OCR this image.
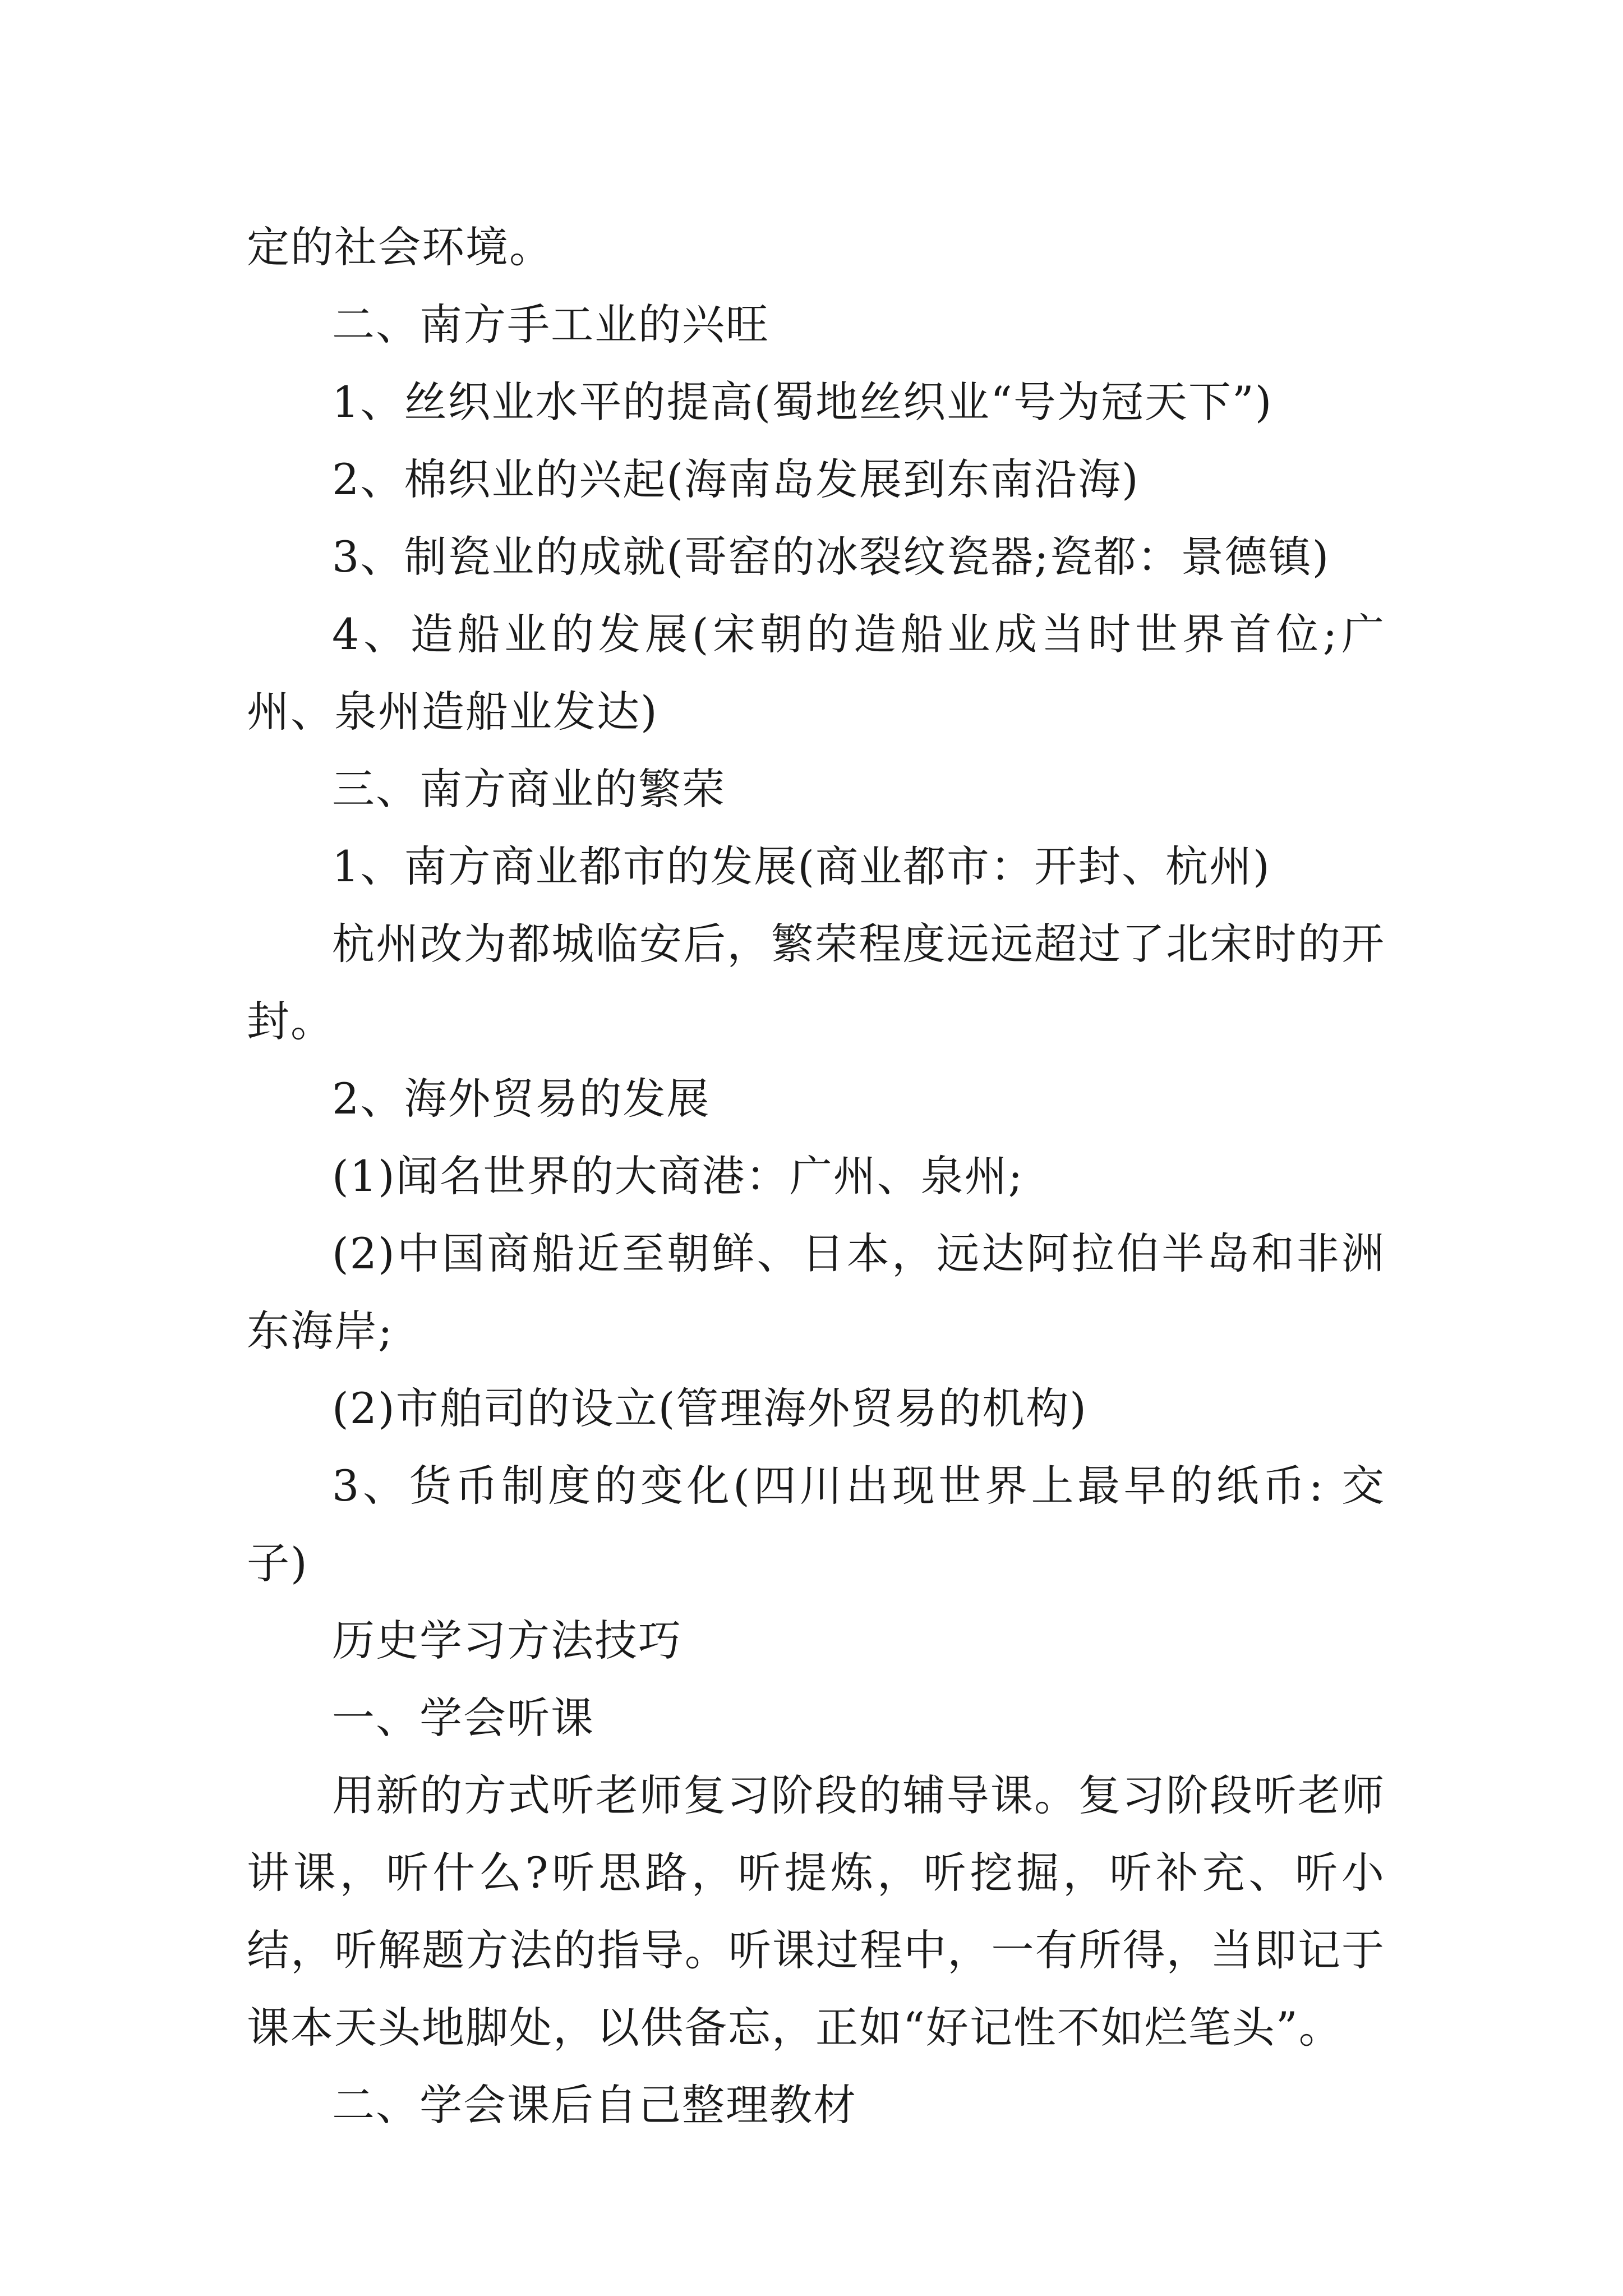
定的社会环境。

二、南方手工业的兴旺

1、丝织业水平的提高(蜀地丝织业“号为冠天下”)

2、棉织业的兴起(海南岛发展到东南沿海)

3、制瓷业的成就(哥窑的冰裂纹瓷器;瓷都：景德镇)

4、造船业的发展(宋朝的造船业成当时世界首位;广州、泉州造船业发达)

三、南方商业的繁荣

1、南方商业都市的发展(商业都市：开封、杭州)

杭州改为都城临安后，繁荣程度远远超过了北宋时的开封。

2、海外贸易的发展

(1)闻名世界的大商港：广州、泉州;

(2)中国商船近至朝鲜、日本，远达阿拉伯半岛和非洲东海岸;

(2)市舶司的设立(管理海外贸易的机构)

3、货币制度的变化(四川出现世界上最早的纸币: 交子)

历史学习方法技巧

一、学会听课

用新的方式听老师复习阶段的辅导课。复习阶段听老师讲课，听什么?听思路，听提炼，听挖掘，听补充、听小结，听解题方法的指导。听课过程中，一有所得，当即记于课本天头地脚处，以供备忘，正如“好记性不如烂笔头”。

二、学会课后自己整理教材
